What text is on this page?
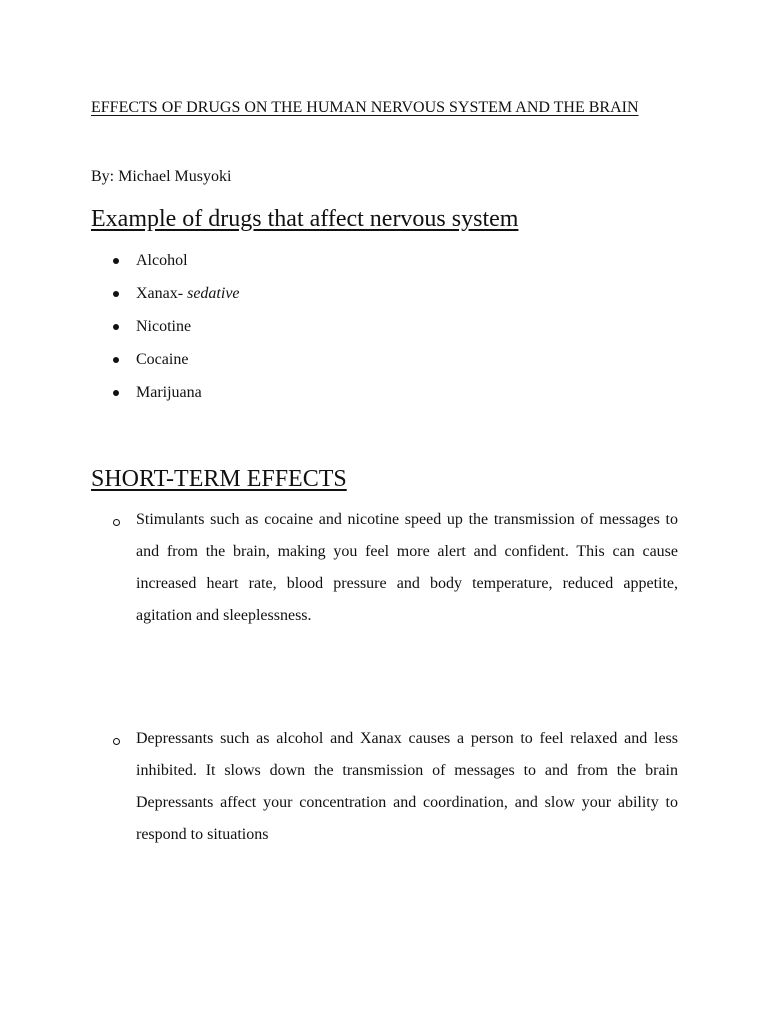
EFFECTS OF DRUGS ON THE HUMAN NERVOUS SYSTEM AND THE BRAIN

By: Michael Musyoki

Example of drugs that affect nervous system
Alcohol
Xanax- sedative
Nicotine
Cocaine
Marijuana
SHORT-TERM EFFECTS

Stimulants such as cocaine and nicotine speed up the transmission of messages to and from the brain, making you feel more alert and confident. This can cause increased heart rate, blood pressure and body temperature, reduced appetite, agitation and sleeplessness.

Depressants such as alcohol and Xanax causes a person to feel relaxed and less inhibited. It slows down the transmission of messages to and from the brain Depressants affect your concentration and coordination, and slow your ability to respond to situations
